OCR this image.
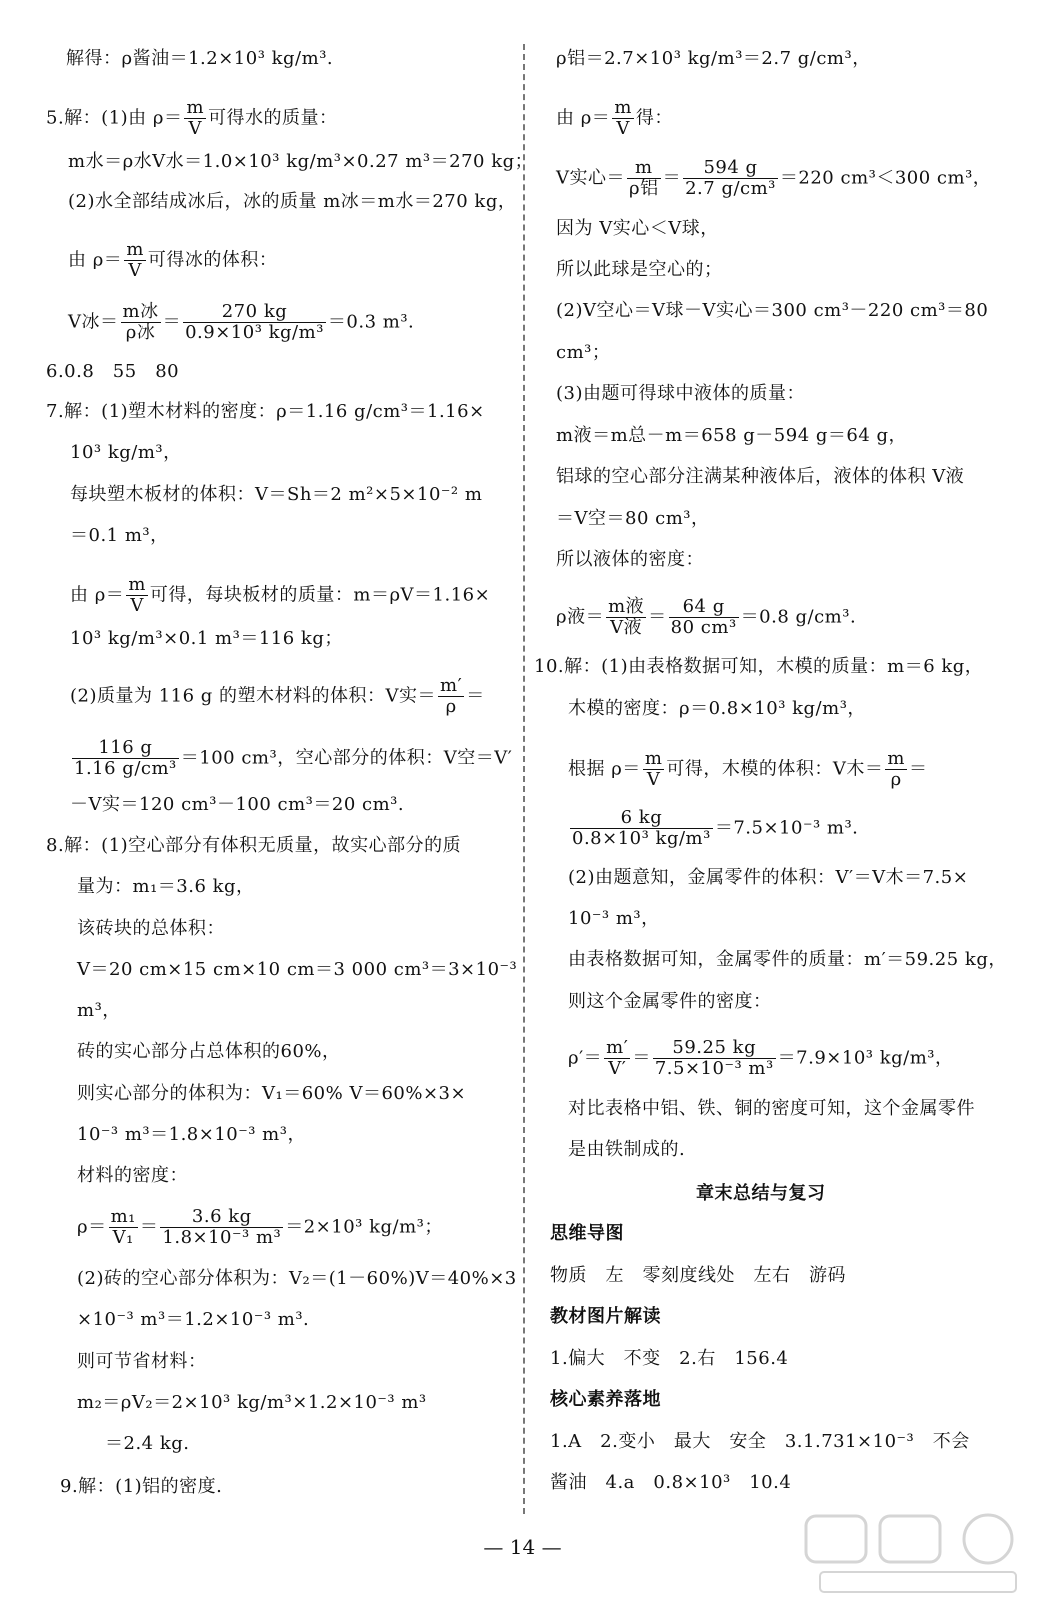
解得：ρ酱油＝1.2×10³ kg/m³.
5.解：(1)由 $\rho= \frac{m}{V}$ 可得水的质量：
m水＝ρ水V水＝1.0×10³ kg/m³×0.27 m³＝270 kg；
(2)水全部结成冰后，冰的质量 m冰＝m水＝270 kg，
由 $\rho= \frac{m}{V}$ 可得冰的体积：
V冰＝ $\frac{\text{m冰}}{\text{ρ冰}} = \frac{270 kg}{\text{0.9×10³ kg/m³}} =0.3$ m³.
6.0.8　55　80
7.解：(1)塑木材料的密度：ρ＝1.16 g/cm³＝1.16×
10³ kg/m³，
每块塑木板材的体积：V＝Sh＝2 m²×5×10⁻² m
＝0.1 m³，
由 $\rho= \frac{m}{V}$ 可得，每块板材的质量：m＝ρV＝1.16×
10³ kg/m³×0.1 m³＝116 kg；
(2)质量为 116 g 的塑木材料的体积：V实＝ $\frac{m'}{\rho}$ ＝
$\frac{116 g}{\text{1.16 g/cm³}} =100$ cm³，空心部分的体积：V空＝V′
－V实＝120 cm³－100 cm³＝20 cm³.
8.解：(1)空心部分有体积无质量，故实心部分的质
量为：m₁＝3.6 kg，
该砖块的总体积：
V＝20 cm×15 cm×10 cm＝3 000 cm³＝3×10⁻³
m³，
砖的实心部分占总体积的60%，
则实心部分的体积为：V₁＝60% V＝60%×3×
10⁻³ m³＝1.8×10⁻³ m³，
材料的密度：
$\rho= \frac{\text{m₁}}{\text{V₁}} = \frac{3.6 kg}{\text{1.8×10⁻³ m³}} =2\times 10^3$ kg/m³；
(2)砖的空心部分体积为：V₂＝(1－60%)V＝40%×3
×10⁻³ m³＝1.2×10⁻³ m³.
则可节省材料：
m₂＝ρV₂＝2×10³ kg/m³×1.2×10⁻³ m³
＝2.4 kg.
9.解：(1)铝的密度.
ρ铝＝2.7×10³ kg/m³＝2.7 g/cm³，
由 $\rho= \frac{m}{V}$ 得：
V实心＝ $\frac{m}{\text{ρ铝}} = \frac{594 g}{\text{2.7 g/cm³}} =220$ cm³＜300 cm³，
因为 V实心＜V球，
所以此球是空心的；
(2)V空心＝V球－V实心＝300 cm³－220 cm³＝80
cm³；
(3)由题可得球中液体的质量：
m液＝m总－m＝658 g－594 g＝64 g，
铝球的空心部分注满某种液体后，液体的体积 V液
＝V空＝80 cm³，
所以液体的密度：
ρ液＝ $\frac{\text{m液}}{\text{V液}} = \frac{64 g}{\text{80 cm³}} =0.8$ g/cm³.
10.解：(1)由表格数据可知，木模的质量：m＝6 kg，
木模的密度：ρ＝0.8×10³ kg/m³，
根据 $\rho= \frac{m}{V}$ 可得，木模的体积：V木＝ $\frac{m}{\rho}$ ＝
$\frac{6 kg}{\text{0.8×10³ kg/m³}} =7.5\times 10^{-3}$ m³.
(2)由题意知，金属零件的体积：V′＝V木＝7.5×
10⁻³ m³，
由表格数据可知，金属零件的质量：m′＝59.25 kg，
则这个金属零件的密度：
$\rho'= \frac{m'}{V'} = \frac{59.25 kg}{\text{7.5×10⁻³ m³}} =7.9\times 10^3$ kg/m³，
对比表格中铝、铁、铜的密度可知，这个金属零件
是由铁制成的.
章末总结与复习
思维导图
物质　左　零刻度线处　左右　游码
教材图片解读
1.偏大　不变　2.右　156.4
核心素养落地
1.A　2.变小　最大　安全　3.1.731×10⁻³　不会
酱油　4.a　0.8×10³　10.4
— 14 —
